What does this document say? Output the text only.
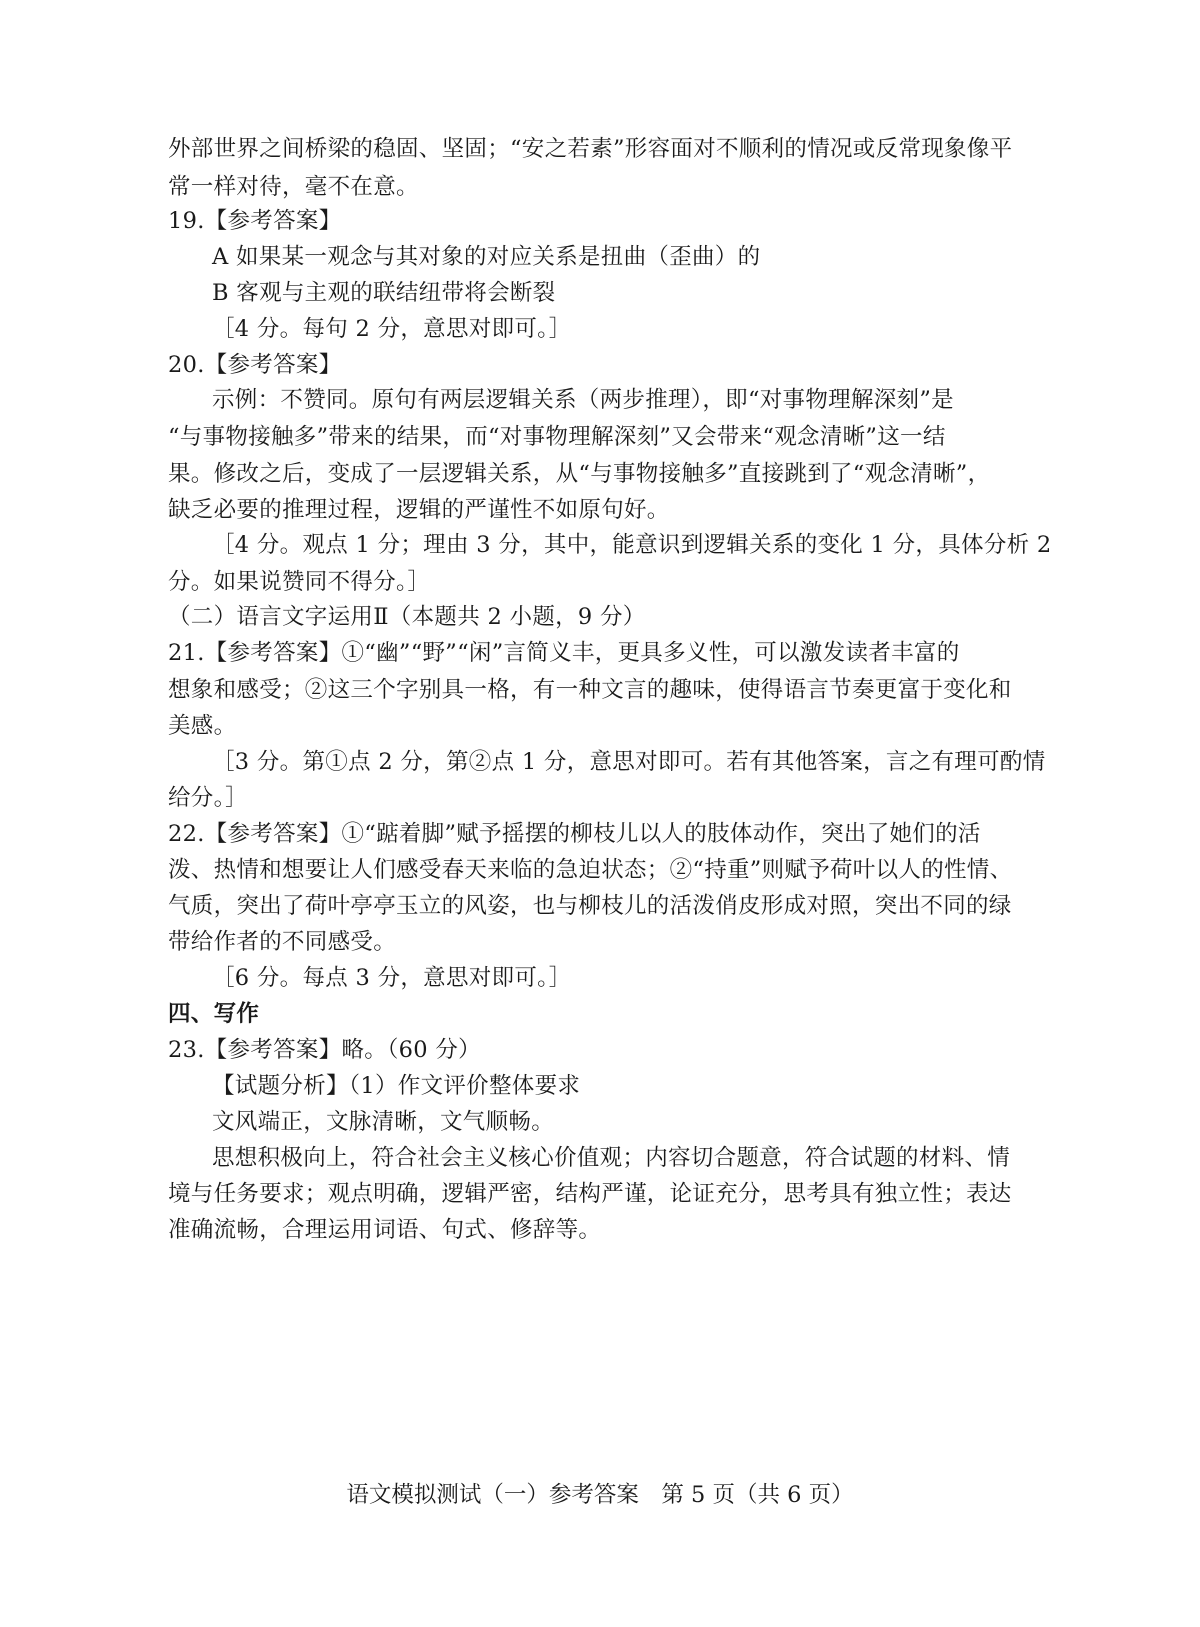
外部世界之间桥梁的稳固、坚固；“安之若素”形容面对不顺利的情况或反常现象像平
常一样对待，毫不在意。
19.【参考答案】
A 如果某一观念与其对象的对应关系是扭曲（歪曲）的
B 客观与主观的联结纽带将会断裂
［4 分。每句 2 分，意思对即可。］
20.【参考答案】
示例：不赞同。原句有两层逻辑关系（两步推理），即“对事物理解深刻”是
“与事物接触多”带来的结果，而“对事物理解深刻”又会带来“观念清晰”这一结
果。修改之后，变成了一层逻辑关系，从“与事物接触多”直接跳到了“观念清晰”，
缺乏必要的推理过程，逻辑的严谨性不如原句好。
［4 分。观点 1 分；理由 3 分，其中，能意识到逻辑关系的变化 1 分，具体分析 2
分。如果说赞同不得分。］
（二）语言文字运用Ⅱ（本题共 2 小题，9 分）
21.【参考答案】①“幽”“野”“闲”言简义丰，更具多义性，可以激发读者丰富的
想象和感受；②这三个字别具一格，有一种文言的趣味，使得语言节奏更富于变化和
美感。
［3 分。第①点 2 分，第②点 1 分，意思对即可。若有其他答案，言之有理可酌情
给分。］
22.【参考答案】①“踮着脚”赋予摇摆的柳枝儿以人的肢体动作，突出了她们的活
泼、热情和想要让人们感受春天来临的急迫状态；②“持重”则赋予荷叶以人的性情、
气质，突出了荷叶亭亭玉立的风姿，也与柳枝儿的活泼俏皮形成对照，突出不同的绿
带给作者的不同感受。
［6 分。每点 3 分，意思对即可。］
四、写作
23.【参考答案】略。（60 分）
【试题分析】（1）作文评价整体要求
文风端正，文脉清晰，文气顺畅。
思想积极向上，符合社会主义核心价值观；内容切合题意，符合试题的材料、情
境与任务要求；观点明确，逻辑严密，结构严谨，论证充分，思考具有独立性；表达
准确流畅，合理运用词语、句式、修辞等。
语文模拟测试（一）参考答案　第 5 页（共 6 页）
